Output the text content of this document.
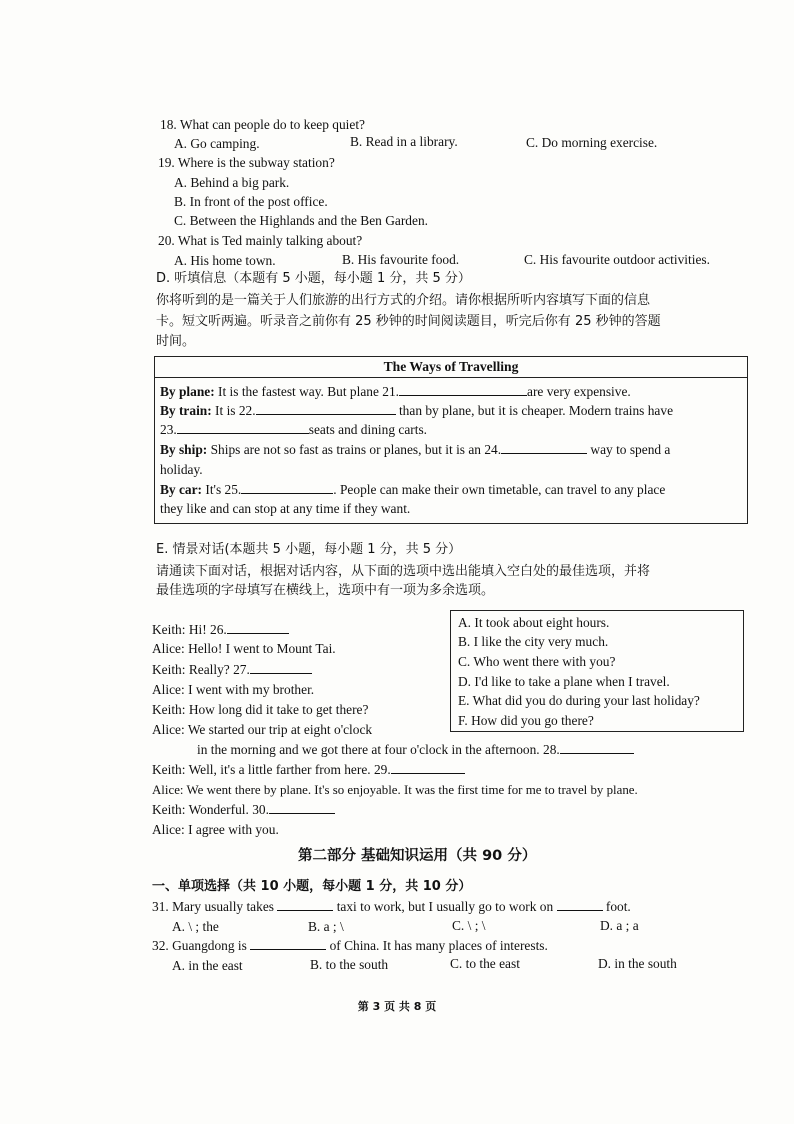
18. What can people do to keep quiet?
A. Go camping.	B. Read in a library.	C. Do morning exercise.
19. Where is the subway station?
A. Behind a big park.
B. In front of the post office.
C. Between the Highlands and the Ben Garden.
20. What is Ted mainly talking about?
A. His home town.	B. His favourite food.	C. His favourite outdoor activities.
D. 听填信息（本题有 5 小题，每小题 1 分，共 5 分）
你将听到的是一篇关于人们旅游的出行方式的介绍。请你根据所听内容填写下面的信息
卡。短文听两遍。听录音之前你有 25 秒钟的时间阅读题目，听完后你有 25 秒钟的答题
时间。
The Ways of Travelling
By plane: It is the fastest way. But plane 21.	are very expensive.
By train: It is 22.	than by plane, but it is cheaper. Modern trains have
23.	seats and dining carts.
By ship: Ships are not so fast as trains or planes, but it is an 24.	way to spend a
holiday.
By car: It's 25.	. People can make their own timetable, can travel to any place
they like and can stop at any time if they want.
E. 情景对话(本题共 5 小题，每小题 1 分，共 5 分）
请通读下面对话，根据对话内容，从下面的选项中选出能填入空白处的最佳选项，并将
最佳选项的字母填写在横线上，选项中有一项为多余选项。
A. It took about eight hours.
B. I like the city very much.
C. Who went there with you?
D. I'd like to take a plane when I travel.
E. What did you do during your last holiday?
F. How did you go there?
Keith: Hi! 26.
Alice: Hello! I went to Mount Tai.
Keith: Really? 27.
Alice: I went with my brother.
Keith: How long did it take to get there?
Alice: We started our trip at eight o'clock
in the morning and we got there at four o'clock in the afternoon. 28.
Keith: Well, it's a little farther from here. 29.
Alice: We went there by plane. It's so enjoyable. It was the first time for me to travel by plane.
Keith: Wonderful. 30.
Alice: I agree with you.
第二部分 基础知识运用（共 90 分）
一、单项选择（共 10 小题，每小题 1 分，共 10 分）
31. Mary usually takes	taxi to work, but I usually go to work on	foot.
A. \ ; the	B. a ; \	C. \ ; \	D. a ; a
32. Guangdong is	of China. It has many places of interests.
A. in the east	B. to the south	C. to the east	D. in the south
第 3 页 共 8 页
